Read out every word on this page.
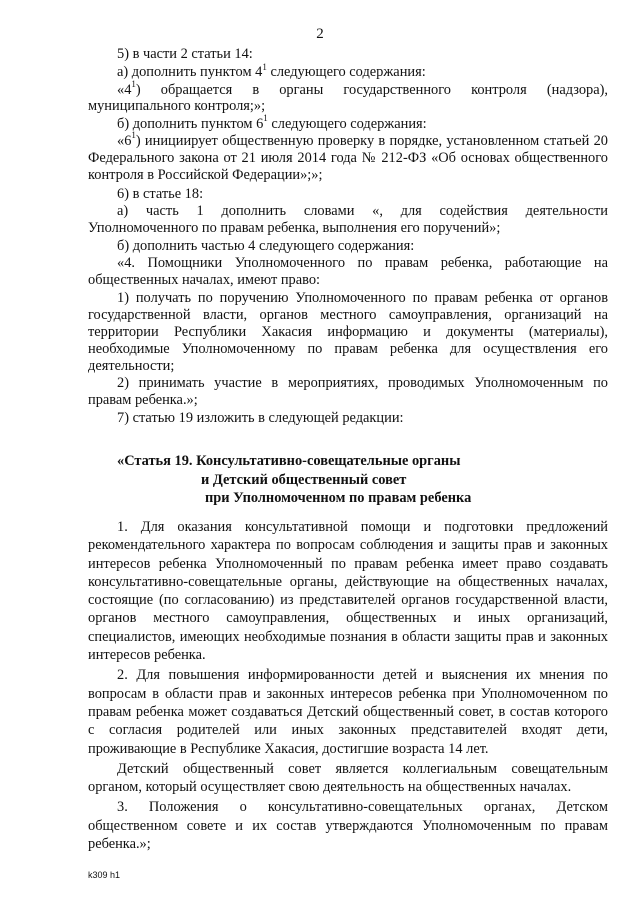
2

5) в части 2 статьи 14:

а) дополнить пунктом $4^1$ следующего содержания:

«$4^1$) обращается в органы государственного контроля (надзора), муниципального контроля;»;

б) дополнить пунктом $6^1$ следующего содержания:

«$6^1$) инициирует общественную проверку в порядке, установленном статьей 20 Федерального закона от 21 июля 2014 года № 212-ФЗ «Об основах общественного контроля в Российской Федерации»;»;

6) в статье 18:

а) часть 1 дополнить словами «, для содействия деятельности Уполномоченного по правам ребенка, выполнения его поручений»;

б) дополнить частью 4 следующего содержания:

«4. Помощники Уполномоченного по правам ребенка, работающие на общественных началах, имеют право:

1) получать по поручению Уполномоченного по правам ребенка от органов государственной власти, органов местного самоуправления, организаций на территории Республики Хакасия информацию и документы (материалы), необходимые Уполномоченному по правам ребенка для осуществления его деятельности;

2) принимать участие в мероприятиях, проводимых Уполномоченным по правам ребенка.»;

7) статью 19 изложить в следующей редакции:

«Статья 19. Консультативно-совещательные органы
и Детский общественный совет
при Уполномоченном по правам ребенка

1. Для оказания консультативной помощи и подготовки предложений рекомендательного характера по вопросам соблюдения и защиты прав и законных интересов ребенка Уполномоченный по правам ребенка имеет право создавать консультативно-совещательные органы, действующие на общественных началах, состоящие (по согласованию) из представителей органов государственной власти, органов местного самоуправления, общественных и иных организаций, специалистов, имеющих необходимые познания в области защиты прав и законных интересов ребенка.

2. Для повышения информированности детей и выяснения их мнения по вопросам в области прав и законных интересов ребенка при Уполномоченном по правам ребенка может создаваться Детский общественный совет, в состав которого с согласия родителей или иных законных представителей входят дети, проживающие в Республике Хакасия, достигшие возраста 14 лет.

Детский общественный совет является коллегиальным совещательным органом, который осуществляет свою деятельность на общественных началах.

3. Положения о консультативно-совещательных органах, Детском общественном совете и их состав утверждаются Уполномоченным по правам ребенка.»;

k309 h1
